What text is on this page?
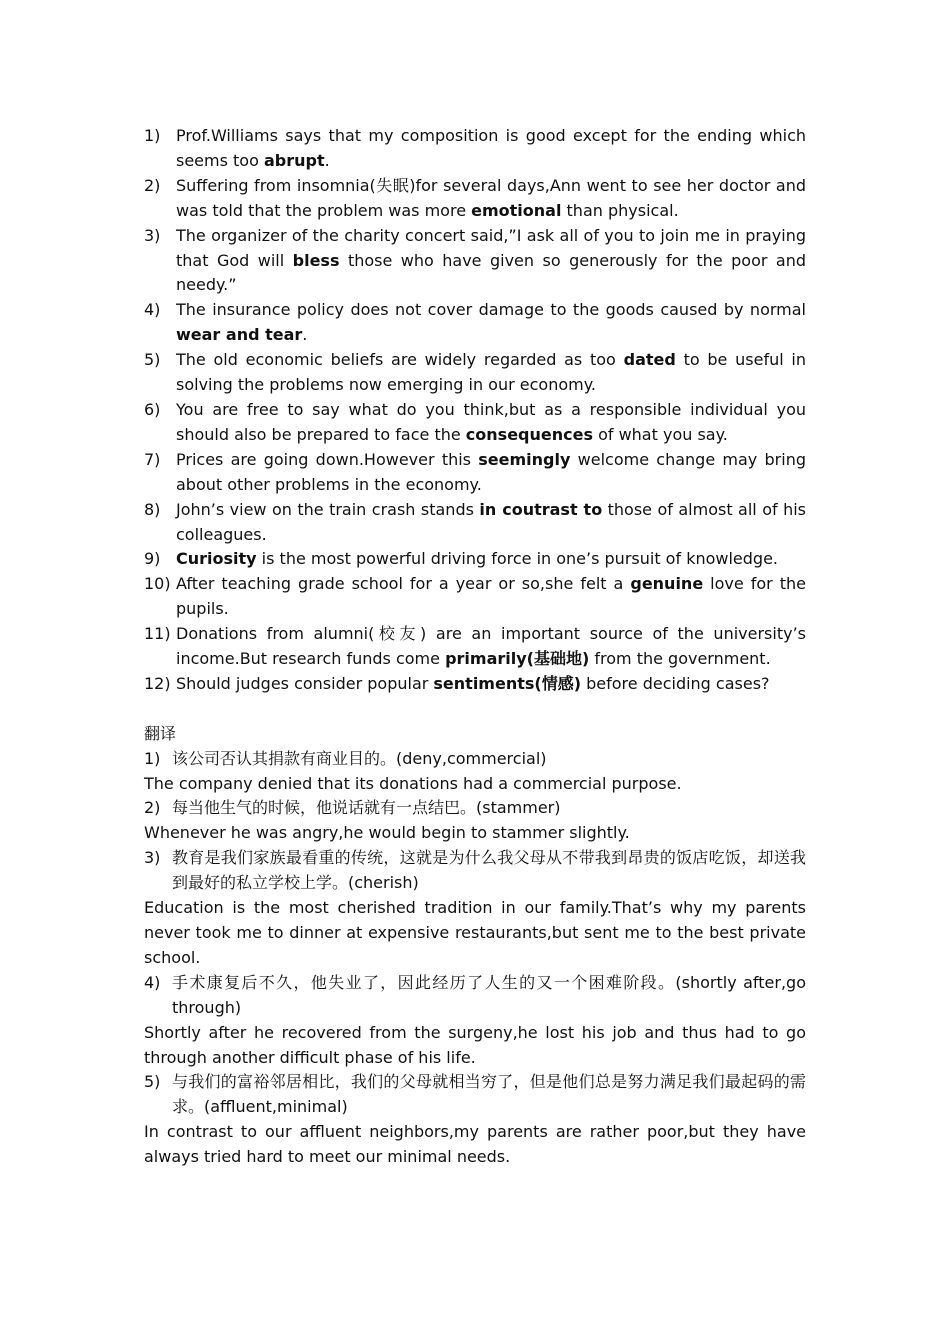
1) Prof.Williams says that my composition is good except for the ending which seems too abrupt.
2) Suffering from insomnia(失眠)for several days,Ann went to see her doctor and was told that the problem was more emotional than physical.
3) The organizer of the charity concert said,”I ask all of you to join me in praying that God will bless those who have given so generously for the poor and needy.”
4) The insurance policy does not cover damage to the goods caused by normal wear and tear.
5) The old economic beliefs are widely regarded as too dated to be useful in solving the problems now emerging in our economy.
6) You are free to say what do you think,but as a responsible individual you should also be prepared to face the consequences of what you say.
7) Prices are going down.However this seemingly welcome change may bring about other problems in the economy.
8) John’s view on the train crash stands in coutrast to those of almost all of his colleagues.
9) Curiosity is the most powerful driving force in one’s pursuit of knowledge.
10) After teaching grade school for a year or so,she felt a genuine love for the pupils.
11) Donations from alumni(校友) are an important source of the university’s income.But research funds come primarily(基础地) from the government.
12) Should judges consider popular sentiments(情感) before deciding cases?
翻译
1) 该公司否认其捐款有商业目的。(deny,commercial)
The company denied that its donations had a commercial purpose.
2) 每当他生气的时候，他说话就有一点结巴。(stammer)
Whenever he was angry,he would begin to stammer slightly.
3) 教育是我们家族最看重的传统，这就是为什么我父母从不带我到昂贵的饭店吃饭，却送我到最好的私立学校上学。(cherish)
Education is the most cherished tradition in our family.That’s why my parents never took me to dinner at expensive restaurants,but sent me to the best private school.
4) 手术康复后不久，他失业了，因此经历了人生的又一个困难阶段。(shortly after,go through)
Shortly after he recovered from the surgeny,he lost his job and thus had to go through another difficult phase of his life.
5) 与我们的富裕邻居相比，我们的父母就相当穷了，但是他们总是努力满足我们最起码的需求。(affluent,minimal)
In contrast to our affluent neighbors,my parents are rather poor,but they have always tried hard to meet our minimal needs.
